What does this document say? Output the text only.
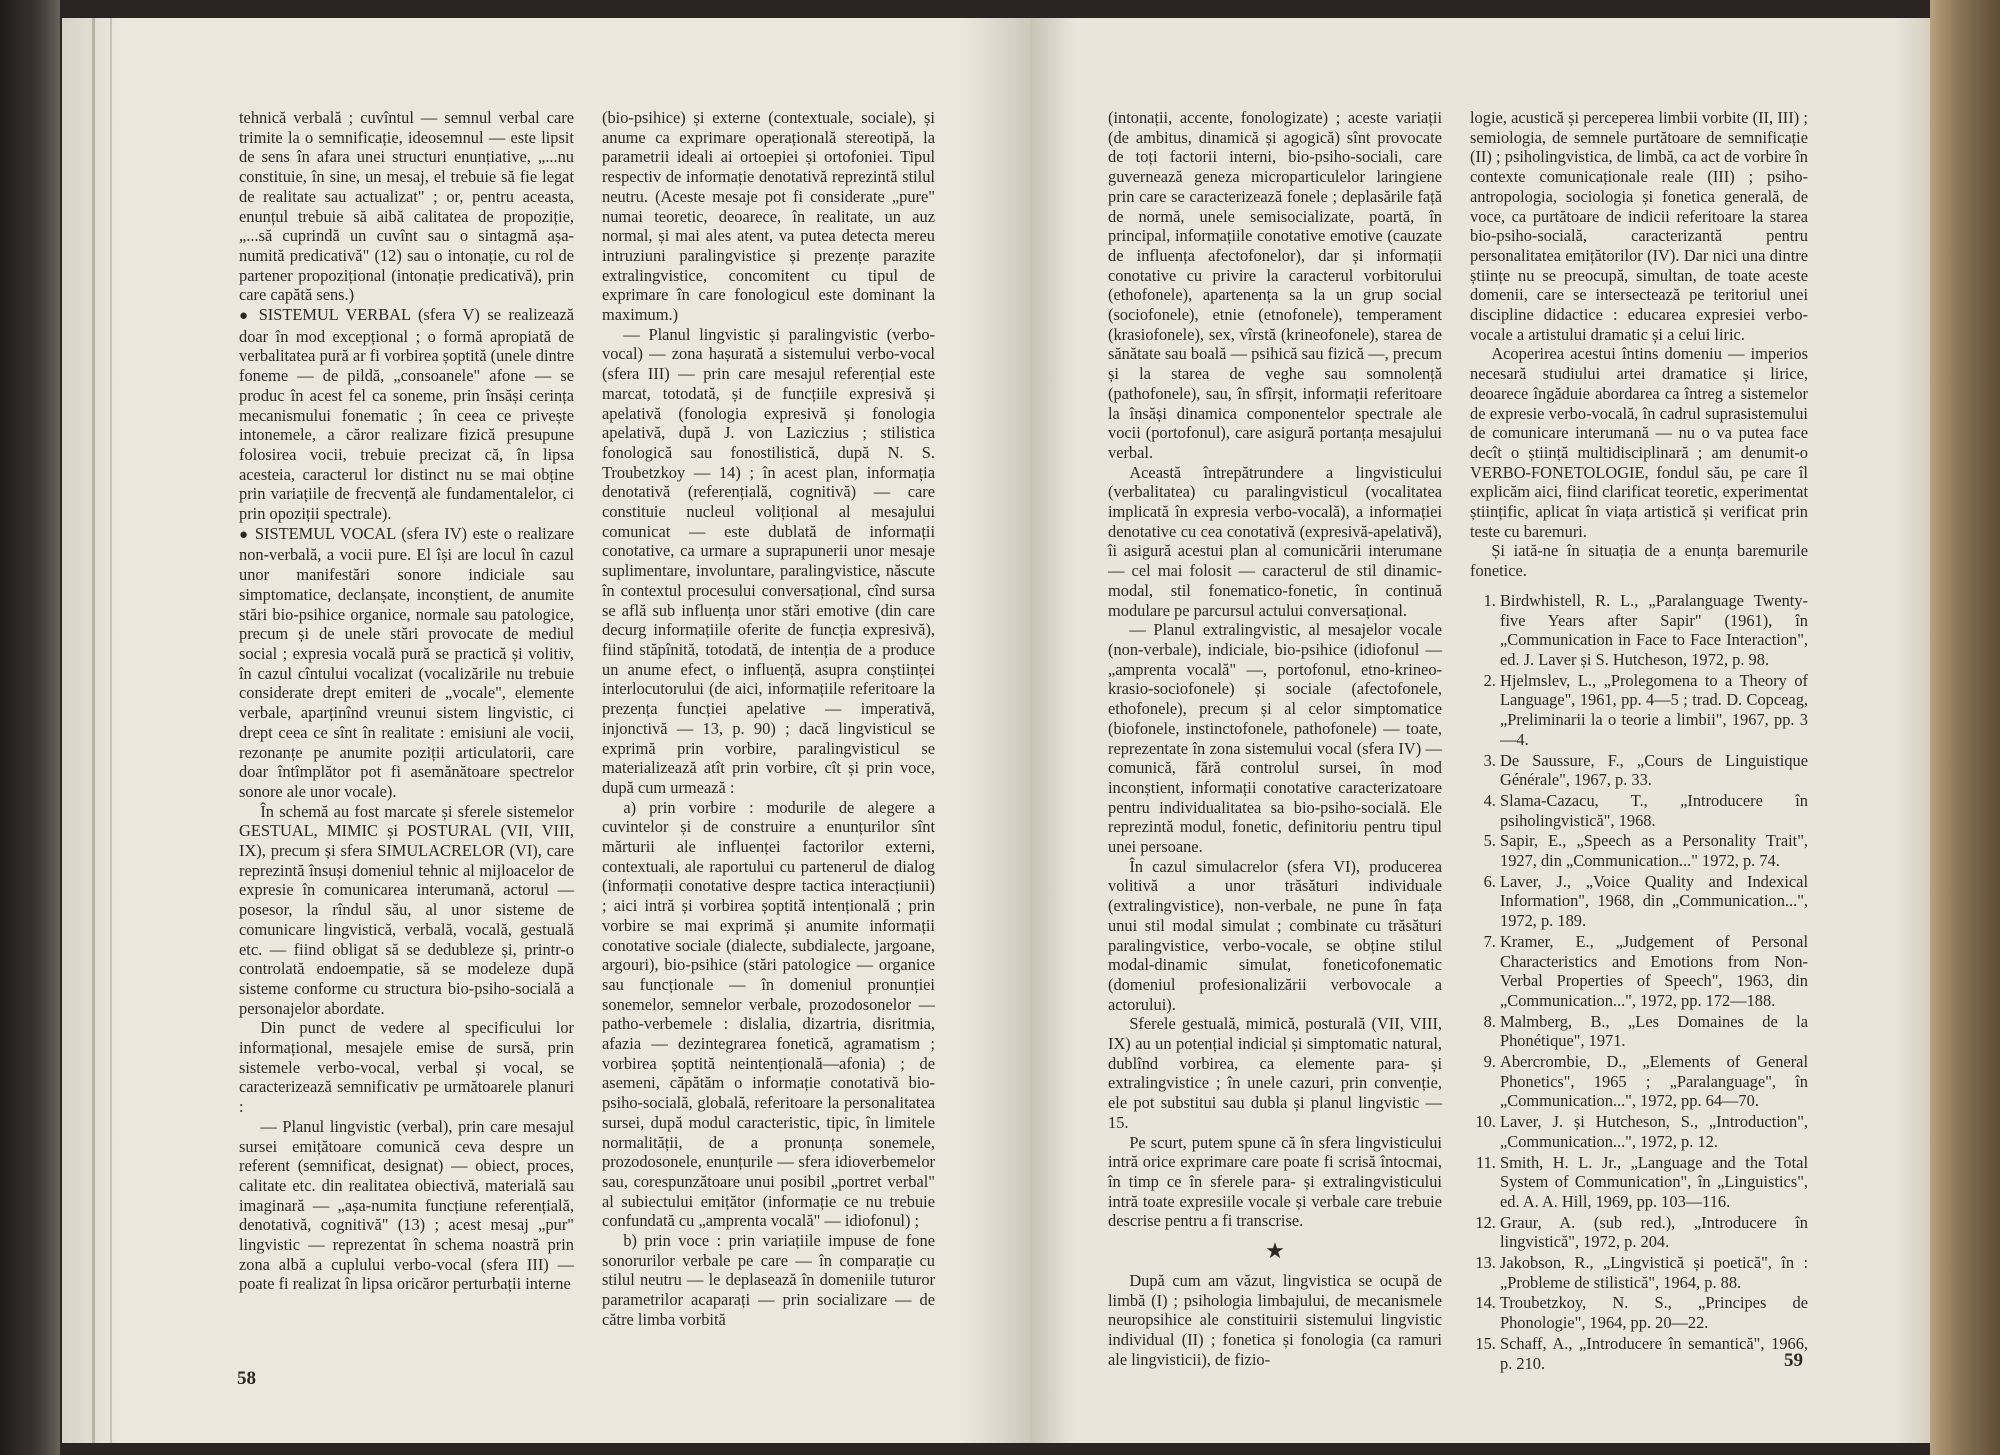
tehnică verbală ; cuvîntul — semnul verbal care trimite la o semnificație, ideosemnul — este lipsit de sens în afara unei structuri enunțiative, „...nu constituie, în sine, un mesaj, el trebuie să fie legat de realitate sau actualizat" ; or, pentru aceasta, enunțul trebuie să aibă calitatea de propoziție, „...să cuprindă un cuvînt sau o sintagmă așa-numită predicativă" (12) sau o intonație, cu rol de partener propozițional (intonație predicativă), prin care capătă sens.)

● SISTEMUL VERBAL (sfera V) se realizează doar în mod excepțional ; o formă apropiată de verbalitatea pură ar fi vorbirea șoptită (unele dintre foneme — de pildă, „consoanele" afone — se produc în acest fel ca soneme, prin însăși cerința mecanismului fonematic ; în ceea ce privește intonemele, a căror realizare fizică presupune folosirea vocii, trebuie precizat că, în lipsa acesteia, caracterul lor distinct nu se mai obține prin variațiile de frecvență ale fundamentalelor, ci prin opoziții spectrale).

● SISTEMUL VOCAL (sfera IV) este o realizare non-verbală, a vocii pure. El își are locul în cazul unor manifestări sonore indiciale sau simptomatice, declanșate, inconștient, de anumite stări bio-psihice organice, normale sau patologice, precum și de unele stări provocate de mediul social ; expresia vocală pură se practică și volitiv, în cazul cîntului vocalizat (vocalizările nu trebuie considerate drept emiteri de „vocale", elemente verbale, aparținînd vreunui sistem lingvistic, ci drept ceea ce sînt în realitate : emisiuni ale vocii, rezonanțe pe anumite poziții articulatorii, care doar întîmplător pot fi asemănătoare spectrelor sonore ale unor vocale).

În schemă au fost marcate și sferele sistemelor GESTUAL, MIMIC și POSTURAL (VII, VIII, IX), precum și sfera SIMULACRELOR (VI), care reprezintă însuși domeniul tehnic al mijloacelor de expresie în comunicarea interumană, actorul — posesor, la rîndul său, al unor sisteme de comunicare lingvistică, verbală, vocală, gestuală etc. — fiind obligat să se dedubleze și, printr-o controlată endoempatie, să se modeleze după sisteme conforme cu structura bio-psiho-socială a personajelor abordate.

Din punct de vedere al specificului lor informațional, mesajele emise de sursă, prin sistemele verbo-vocal, verbal și vocal, se caracterizează semnificativ pe următoarele planuri :

— Planul lingvistic (verbal), prin care mesajul sursei emițătoare comunică ceva despre un referent (semnificat, designat) — obiect, proces, calitate etc. din realitatea obiectivă, materială sau imaginară — „așa-numita funcțiune referențială, denotativă, cognitivă" (13) ; acest mesaj „pur" lingvistic — reprezentat în schema noastră prin zona albă a cuplului verbo-vocal (sfera III) — poate fi realizat în lipsa oricăror perturbații interne

(bio-psihice) și externe (contextuale, sociale), și anume ca exprimare operațională stereotipă, la parametrii ideali ai ortoepiei și ortofoniei. Tipul respectiv de informație denotativă reprezintă stilul neutru. (Aceste mesaje pot fi considerate „pure" numai teoretic, deoarece, în realitate, un auz normal, și mai ales atent, va putea detecta mereu intruziuni paralingvistice și prezențe parazite extralingvistice, concomitent cu tipul de exprimare în care fonologicul este dominant la maximum.)

— Planul lingvistic și paralingvistic (verbo-vocal) — zona hașurată a sistemului verbo-vocal (sfera III) — prin care mesajul referențial este marcat, totodată, și de funcțiile expresivă și apelativă (fonologia expresivă și fonologia apelativă, după J. von Laziczius ; stilistica fonologică sau fonostilistică, după N. S. Troubetzkoy — 14) ; în acest plan, informația denotativă (referențială, cognitivă) — care constituie nucleul volițional al mesajului comunicat — este dublată de informații conotative, ca urmare a suprapunerii unor mesaje suplimentare, involuntare, paralingvistice, născute în contextul procesului conversațional, cînd sursa se află sub influența unor stări emotive (din care decurg informațiile oferite de funcția expresivă), fiind stăpînită, totodată, de intenția de a produce un anume efect, o influență, asupra conștiinței interlocutorului (de aici, informațiile referitoare la prezența funcției apelative — imperativă, injonctivă — 13, p. 90) ; dacă lingvisticul se exprimă prin vorbire, paralingvisticul se materializează atît prin vorbire, cît și prin voce, după cum urmează :

a) prin vorbire : modurile de alegere a cuvintelor și de construire a enunțurilor sînt mărturii ale influenței factorilor externi, contextuali, ale raportului cu partenerul de dialog (informații conotative despre tactica interacțiunii) ; aici intră și vorbirea șoptită intențională ; prin vorbire se mai exprimă și anumite informații conotative sociale (dialecte, subdialecte, jargoane, argouri), bio-psihice (stări patologice — organice sau funcționale — în domeniul pronunției sonemelor, semnelor verbale, prozodosonelor — patho-verbemele : dislalia, dizartria, disritmia, afazia — dezintegrarea fonetică, agramatism ; vorbirea șoptită neintențională—afonia) ; de asemeni, căpătăm o informație conotativă bio-psiho-socială, globală, referitoare la personalitatea sursei, după modul caracteristic, tipic, în limitele normalității, de a pronunța sonemele, prozodosonele, enunțurile — sfera idioverbemelor sau, corespunzătoare unui posibil „portret verbal" al subiectului emițător (informație ce nu trebuie confundată cu „amprenta vocală" — idiofonul) ;

b) prin voce : prin variațiile impuse de fone sonorurilor verbale pe care — în comparație cu stilul neutru — le deplasează în domeniile tuturor parametrilor acaparați — prin socializare — de către limba vorbită

58

(intonații, accente, fonologizate) ; aceste variații (de ambitus, dinamică și agogică) sînt provocate de toți factorii interni, bio-psiho-sociali, care guvernează geneza microparticulelor laringiene prin care se caracterizează fonele ; deplasările față de normă, unele semisocializate, poartă, în principal, informațiile conotative emotive (cauzate de influența afectofonelor), dar și informații conotative cu privire la caracterul vorbitorului (ethofonele), apartenența sa la un grup social (sociofonele), etnie (etnofonele), temperament (krasiofonele), sex, vîrstă (krineofonele), starea de sănătate sau boală — psihică sau fizică —, precum și la starea de veghe sau somnolență (pathofonele), sau, în sfîrșit, informații referitoare la însăși dinamica componentelor spectrale ale vocii (portofonul), care asigură portanța mesajului verbal.

Această întrepătrundere a lingvisticului (verbalitatea) cu paralingvisticul (vocalitatea implicată în expresia verbo-vocală), a informației denotative cu cea conotativă (expresivă-apelativă), îi asigură acestui plan al comunicării interumane — cel mai folosit — caracterul de stil dinamic-modal, stil fonematico-fonetic, în continuă modulare pe parcursul actului conversațional.

— Planul extralingvistic, al mesajelor vocale (non-verbale), indiciale, bio-psihice (idiofonul — „amprenta vocală" —, portofonul, etno-krineo-krasio-sociofonele) și sociale (afectofonele, ethofonele), precum și al celor simptomatice (biofonele, instinctofonele, pathofonele) — toate, reprezentate în zona sistemului vocal (sfera IV) — comunică, fără controlul sursei, în mod inconștient, informații conotative caracterizatoare pentru individualitatea sa bio-psiho-socială. Ele reprezintă modul, fonetic, definitoriu pentru tipul unei persoane.

În cazul simulacrelor (sfera VI), producerea volitivă a unor trăsături individuale (extralingvistice), non-verbale, ne pune în fața unui stil modal simulat ; combinate cu trăsături paralingvistice, verbo-vocale, se obține stilul modal-dinamic simulat, foneticofonematic (domeniul profesionalizării verbovocale a actorului).

Sferele gestuală, mimică, posturală (VII, VIII, IX) au un potențial indicial și simptomatic natural, dublînd vorbirea, ca elemente para- și extralingvistice ; în unele cazuri, prin convenție, ele pot substitui sau dubla și planul lingvistic — 15.

Pe scurt, putem spune că în sfera lingvisticului intră orice exprimare care poate fi scrisă întocmai, în timp ce în sferele para- și extralingvisticului intră toate expresiile vocale și verbale care trebuie descrise pentru a fi transcrise.

★

După cum am văzut, lingvistica se ocupă de limbă (I) ; psihologia limbajului, de mecanismele neuropsihice ale constituirii sistemului lingvistic individual (II) ; fonetica și fonologia (ca ramuri ale lingvisticii), de fizio-

logie, acustică și perceperea limbii vorbite (II, III) ; semiologia, de semnele purtătoare de semnificație (II) ; psiholingvistica, de limbă, ca act de vorbire în contexte comunicaționale reale (III) ; psiho-antropologia, sociologia și fonetica generală, de voce, ca purtătoare de indicii referitoare la starea bio-psiho-socială, caracterizantă pentru personalitatea emițătorilor (IV). Dar nici una dintre științe nu se preocupă, simultan, de toate aceste domenii, care se intersectează pe teritoriul unei discipline didactice : educarea expresiei verbo-vocale a artistului dramatic și a celui liric.

Acoperirea acestui întins domeniu — imperios necesară studiului artei dramatice și lirice, deoarece îngăduie abordarea ca întreg a sistemelor de expresie verbo-vocală, în cadrul suprasistemului de comunicare interumană — nu o va putea face decît o știință multidisciplinară ; am denumit-o VERBO-FONETOLOGIE, fondul său, pe care îl explicăm aici, fiind clarificat teoretic, experimentat științific, aplicat în viața artistică și verificat prin teste cu baremuri.

Și iată-ne în situația de a enunța baremurile fonetice.

1. Birdwhistell, R. L., „Paralanguage Twenty-five Years after Sapir" (1961), în „Communication in Face to Face Interaction", ed. J. Laver și S. Hutcheson, 1972, p. 98.
2. Hjelmslev, L., „Prolegomena to a Theory of Language", 1961, pp. 4—5 ; trad. D. Copceag, „Preliminarii la o teorie a limbii", 1967, pp. 3—4.
3. De Saussure, F., „Cours de Linguistique Générale", 1967, p. 33.
4. Slama-Cazacu, T., „Introducere în psiholingvistică", 1968.
5. Sapir, E., „Speech as a Personality Trait", 1927, din „Communication..." 1972, p. 74.
6. Laver, J., „Voice Quality and Indexical Information", 1968, din „Communication...", 1972, p. 189.
7. Kramer, E., „Judgement of Personal Characteristics and Emotions from Non-Verbal Properties of Speech", 1963, din „Communication...", 1972, pp. 172—188.
8. Malmberg, B., „Les Domaines de la Phonétique", 1971.
9. Abercrombie, D., „Elements of General Phonetics", 1965 ; „Paralanguage", în „Communication...", 1972, pp. 64—70.
10. Laver, J. și Hutcheson, S., „Introduction", „Communication...", 1972, p. 12.
11. Smith, H. L. Jr., „Language and the Total System of Communication", în „Linguistics", ed. A. A. Hill, 1969, pp. 103—116.
12. Graur, A. (sub red.), „Introducere în lingvistică", 1972, p. 204.
13. Jakobson, R., „Lingvistică și poetică", în : „Probleme de stilistică", 1964, p. 88.
14. Troubetzkoy, N. S., „Principes de Phonologie", 1964, pp. 20—22.
15. Schaff, A., „Introducere în semantică", 1966, p. 210.	59
